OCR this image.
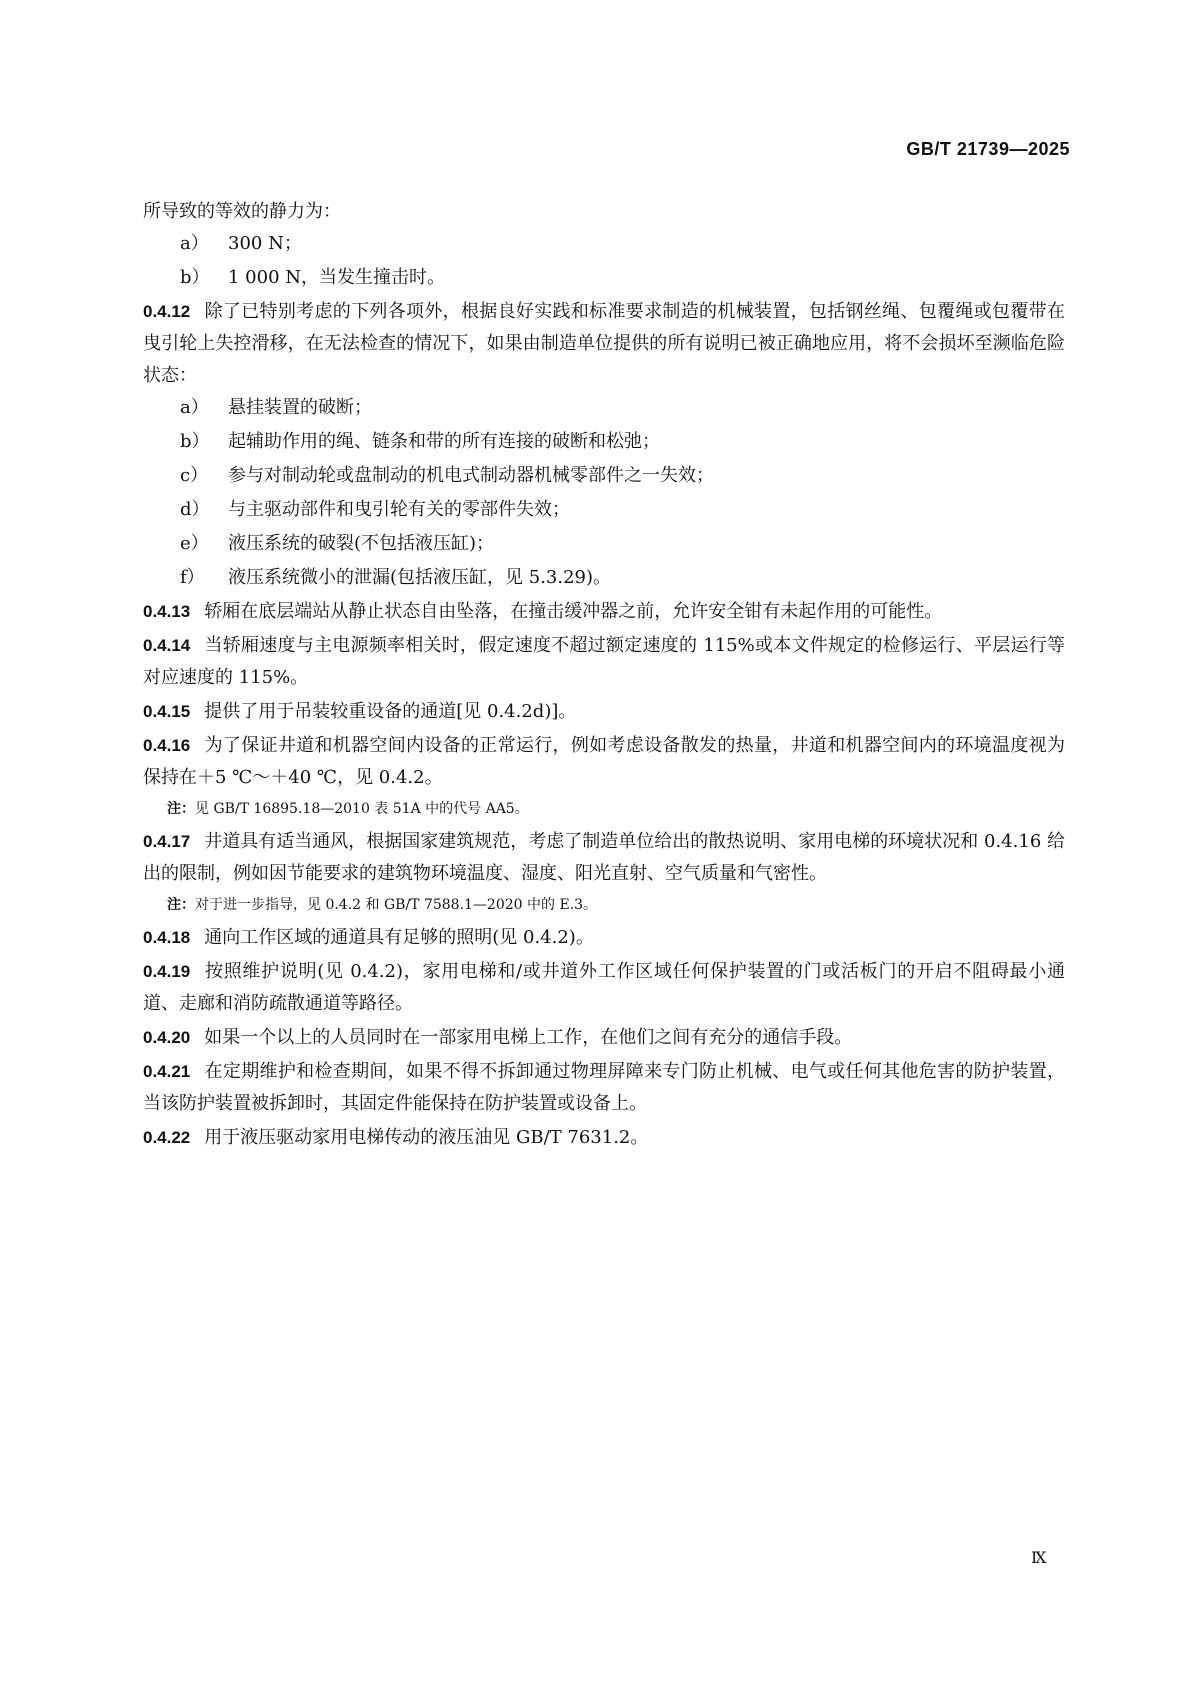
GB/T 21739—2025

所导致的等效的静力为：

a）	300 N；
b）	1 000 N，当发生撞击时。

0.4.12 除了已特别考虑的下列各项外，根据良好实践和标准要求制造的机械装置，包括钢丝绳、包覆绳或包覆带在曳引轮上失控滑移，在无法检查的情况下，如果由制造单位提供的所有说明已被正确地应用，将不会损坏至濒临危险状态：

a）	悬挂装置的破断；
b）	起辅助作用的绳、链条和带的所有连接的破断和松弛；
c）	参与对制动轮或盘制动的机电式制动器机械零部件之一失效；
d）	与主驱动部件和曳引轮有关的零部件失效；
e）	液压系统的破裂(不包括液压缸)；
f）	液压系统微小的泄漏(包括液压缸，见 5.3.29)。

0.4.13 轿厢在底层端站从静止状态自由坠落，在撞击缓冲器之前，允许安全钳有未起作用的可能性。

0.4.14 当轿厢速度与主电源频率相关时，假定速度不超过额定速度的 115%或本文件规定的检修运行、平层运行等对应速度的 115%。

0.4.15 提供了用于吊装较重设备的通道[见 0.4.2d)]。

0.4.16 为了保证井道和机器空间内设备的正常运行，例如考虑设备散发的热量，井道和机器空间内的环境温度视为保持在＋5 ℃～＋40 ℃，见 0.4.2。

注：见 GB/T 16895.18—2010 表 51A 中的代号 AA5。

0.4.17 井道具有适当通风，根据国家建筑规范，考虑了制造单位给出的散热说明、家用电梯的环境状况和 0.4.16 给出的限制，例如因节能要求的建筑物环境温度、湿度、阳光直射、空气质量和气密性。

注：对于进一步指导，见 0.4.2 和 GB/T 7588.1—2020 中的 E.3。

0.4.18 通向工作区域的通道具有足够的照明(见 0.4.2)。

0.4.19 按照维护说明(见 0.4.2)，家用电梯和/或井道外工作区域任何保护装置的门或活板门的开启不阻碍最小通道、走廊和消防疏散通道等路径。

0.4.20 如果一个以上的人员同时在一部家用电梯上工作，在他们之间有充分的通信手段。

0.4.21 在定期维护和检查期间，如果不得不拆卸通过物理屏障来专门防止机械、电气或任何其他危害的防护装置，当该防护装置被拆卸时，其固定件能保持在防护装置或设备上。

0.4.22 用于液压驱动家用电梯传动的液压油见 GB/T 7631.2。

Ⅸ
